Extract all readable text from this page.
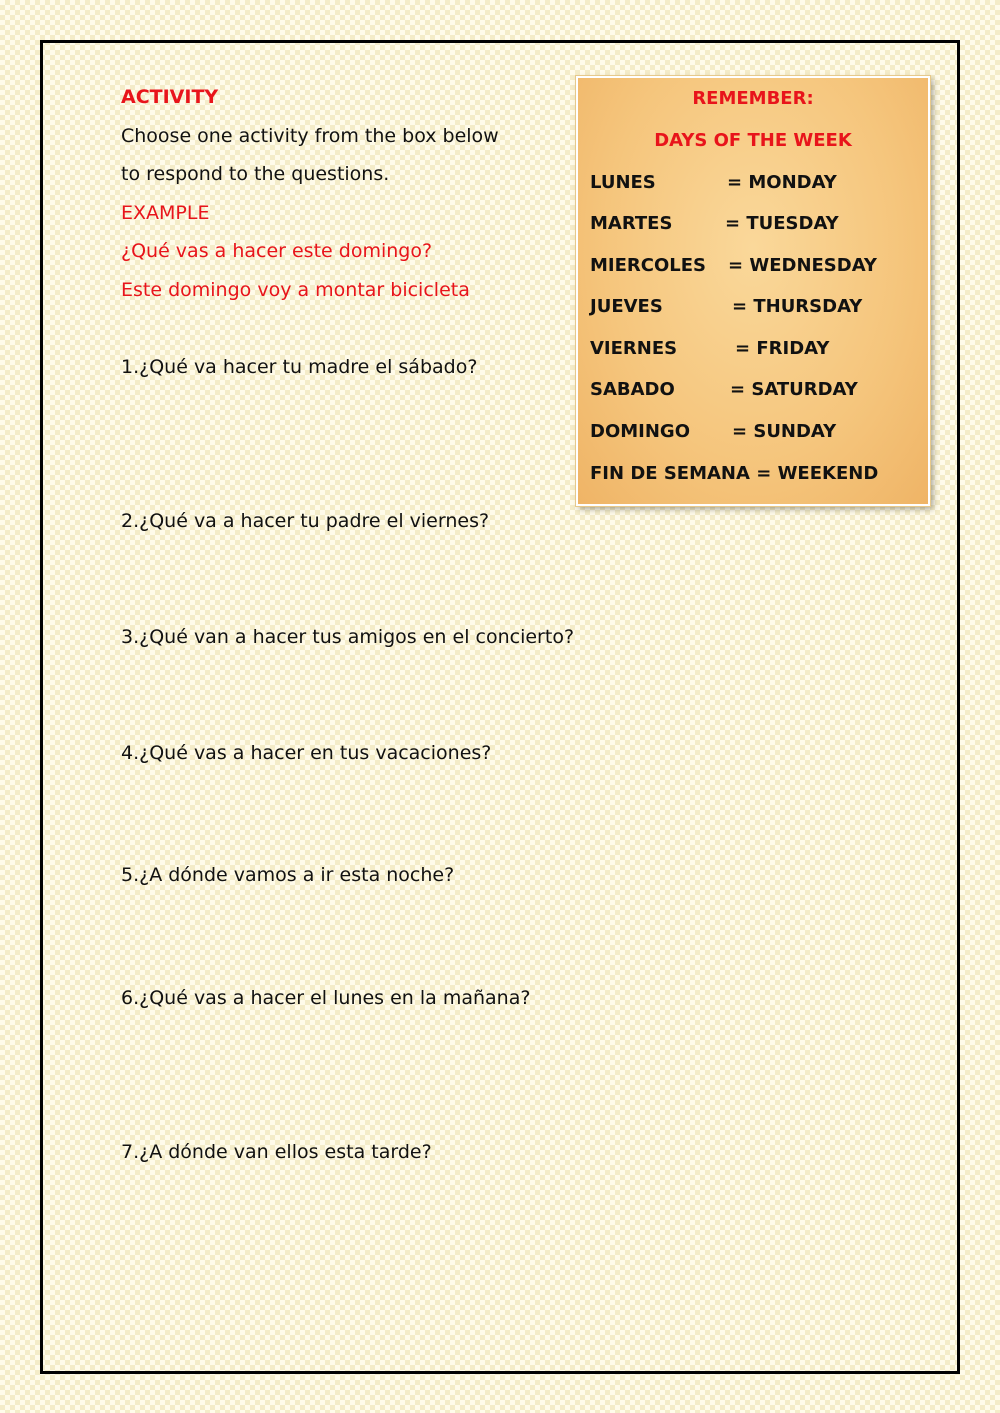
ACTIVITY
Choose one activity from the box below
to respond to the questions.
EXAMPLE
¿Qué vas a hacer este domingo?
Este domingo voy a montar bicicleta
1.¿Qué va hacer tu madre el sábado?
2.¿Qué va a hacer tu padre el viernes?
3.¿Qué van a hacer tus amigos en el concierto?
4.¿Qué vas a hacer en tus vacaciones?
5.¿A dónde vamos a ir esta noche?
6.¿Qué vas a hacer el lunes en la mañana?
7.¿A dónde van ellos esta tarde?
REMEMBER:
DAYS OF THE WEEK
LUNES	= MONDAY
MARTES	= TUESDAY
MIERCOLES = WEDNESDAY
JUEVES	= THURSDAY
VIERNES	= FRIDAY
SABADO	= SATURDAY
DOMINGO = SUNDAY
FIN DE SEMANA = WEEKEND
